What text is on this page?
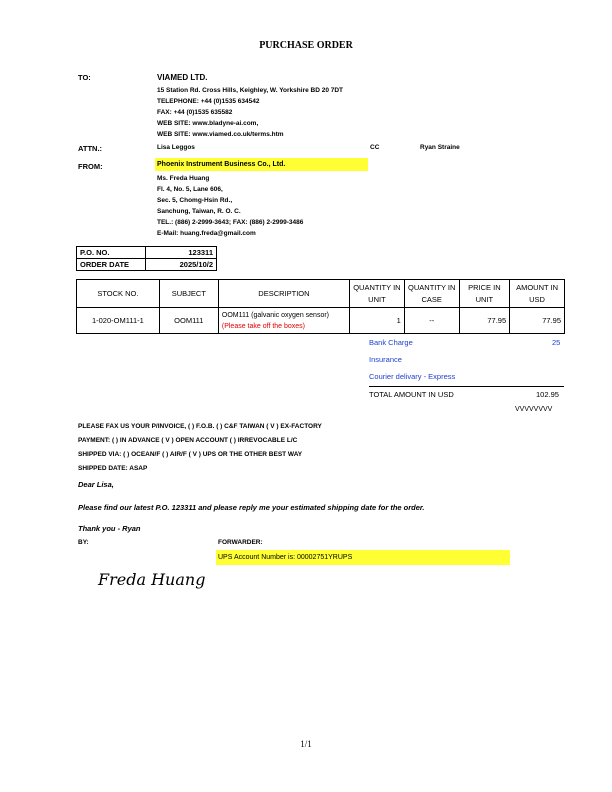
PURCHASE ORDER
TO:	VIAMED LTD.
15 Station Rd. Cross Hills, Keighley, W. Yorkshire BD 20 7DT
TELEPHONE: +44 (0)1535 634542
FAX: +44 (0)1535 635582
WEB SITE: www.bladyne-ai.com,
WEB SITE: www.viamed.co.uk/terms.htm
ATTN.:	Lisa Leggos	CC	Ryan Straine
FROM:	Phoenix Instrument Business Co., Ltd.
Ms. Freda Huang
Fl. 4, No. 5, Lane 606,
Sec. 5, Chomg-Hsin Rd.,
Sanchung, Taiwan, R. O. C.
TEL.: (886) 2-2999-3643; FAX: (886) 2-2999-3486
E-Mail: huang.freda@gmail.com
P.O. NO.	123311
ORDER DATE	2025/10/2
STOCK NO.	SUBJECT	DESCRIPTION	QUANTITY IN UNIT	QUANTITY IN CASE	PRICE IN UNIT	AMOUNT IN USD
1-020-OM111-1	OOM111	OOM111 (galvanic oxygen sensor) (Please take off the boxes)	1	--	77.95	77.95
Bank Charge	25
Insurance
Courier delivary - Express
TOTAL AMOUNT IN USD	102.95
VVVVVVVV
PLEASE FAX US YOUR P/INVOICE, ( ) F.O.B. ( ) C&F TAIWAN ( V ) EX-FACTORY
PAYMENT: ( ) IN ADVANCE ( V ) OPEN ACCOUNT ( ) IRREVOCABLE L/C
SHIPPED VIA: ( ) OCEAN/F ( ) AIR/F ( V ) UPS OR THE OTHER BEST WAY
SHIPPED DATE: ASAP
Dear Lisa,
Please find our latest P.O. 123311 and please reply me your estimated shipping date for the order.
Thank you - Ryan
BY:	FORWARDER:
UPS Account Number is: 00002751YRUPS
Freda Huang
1/1
